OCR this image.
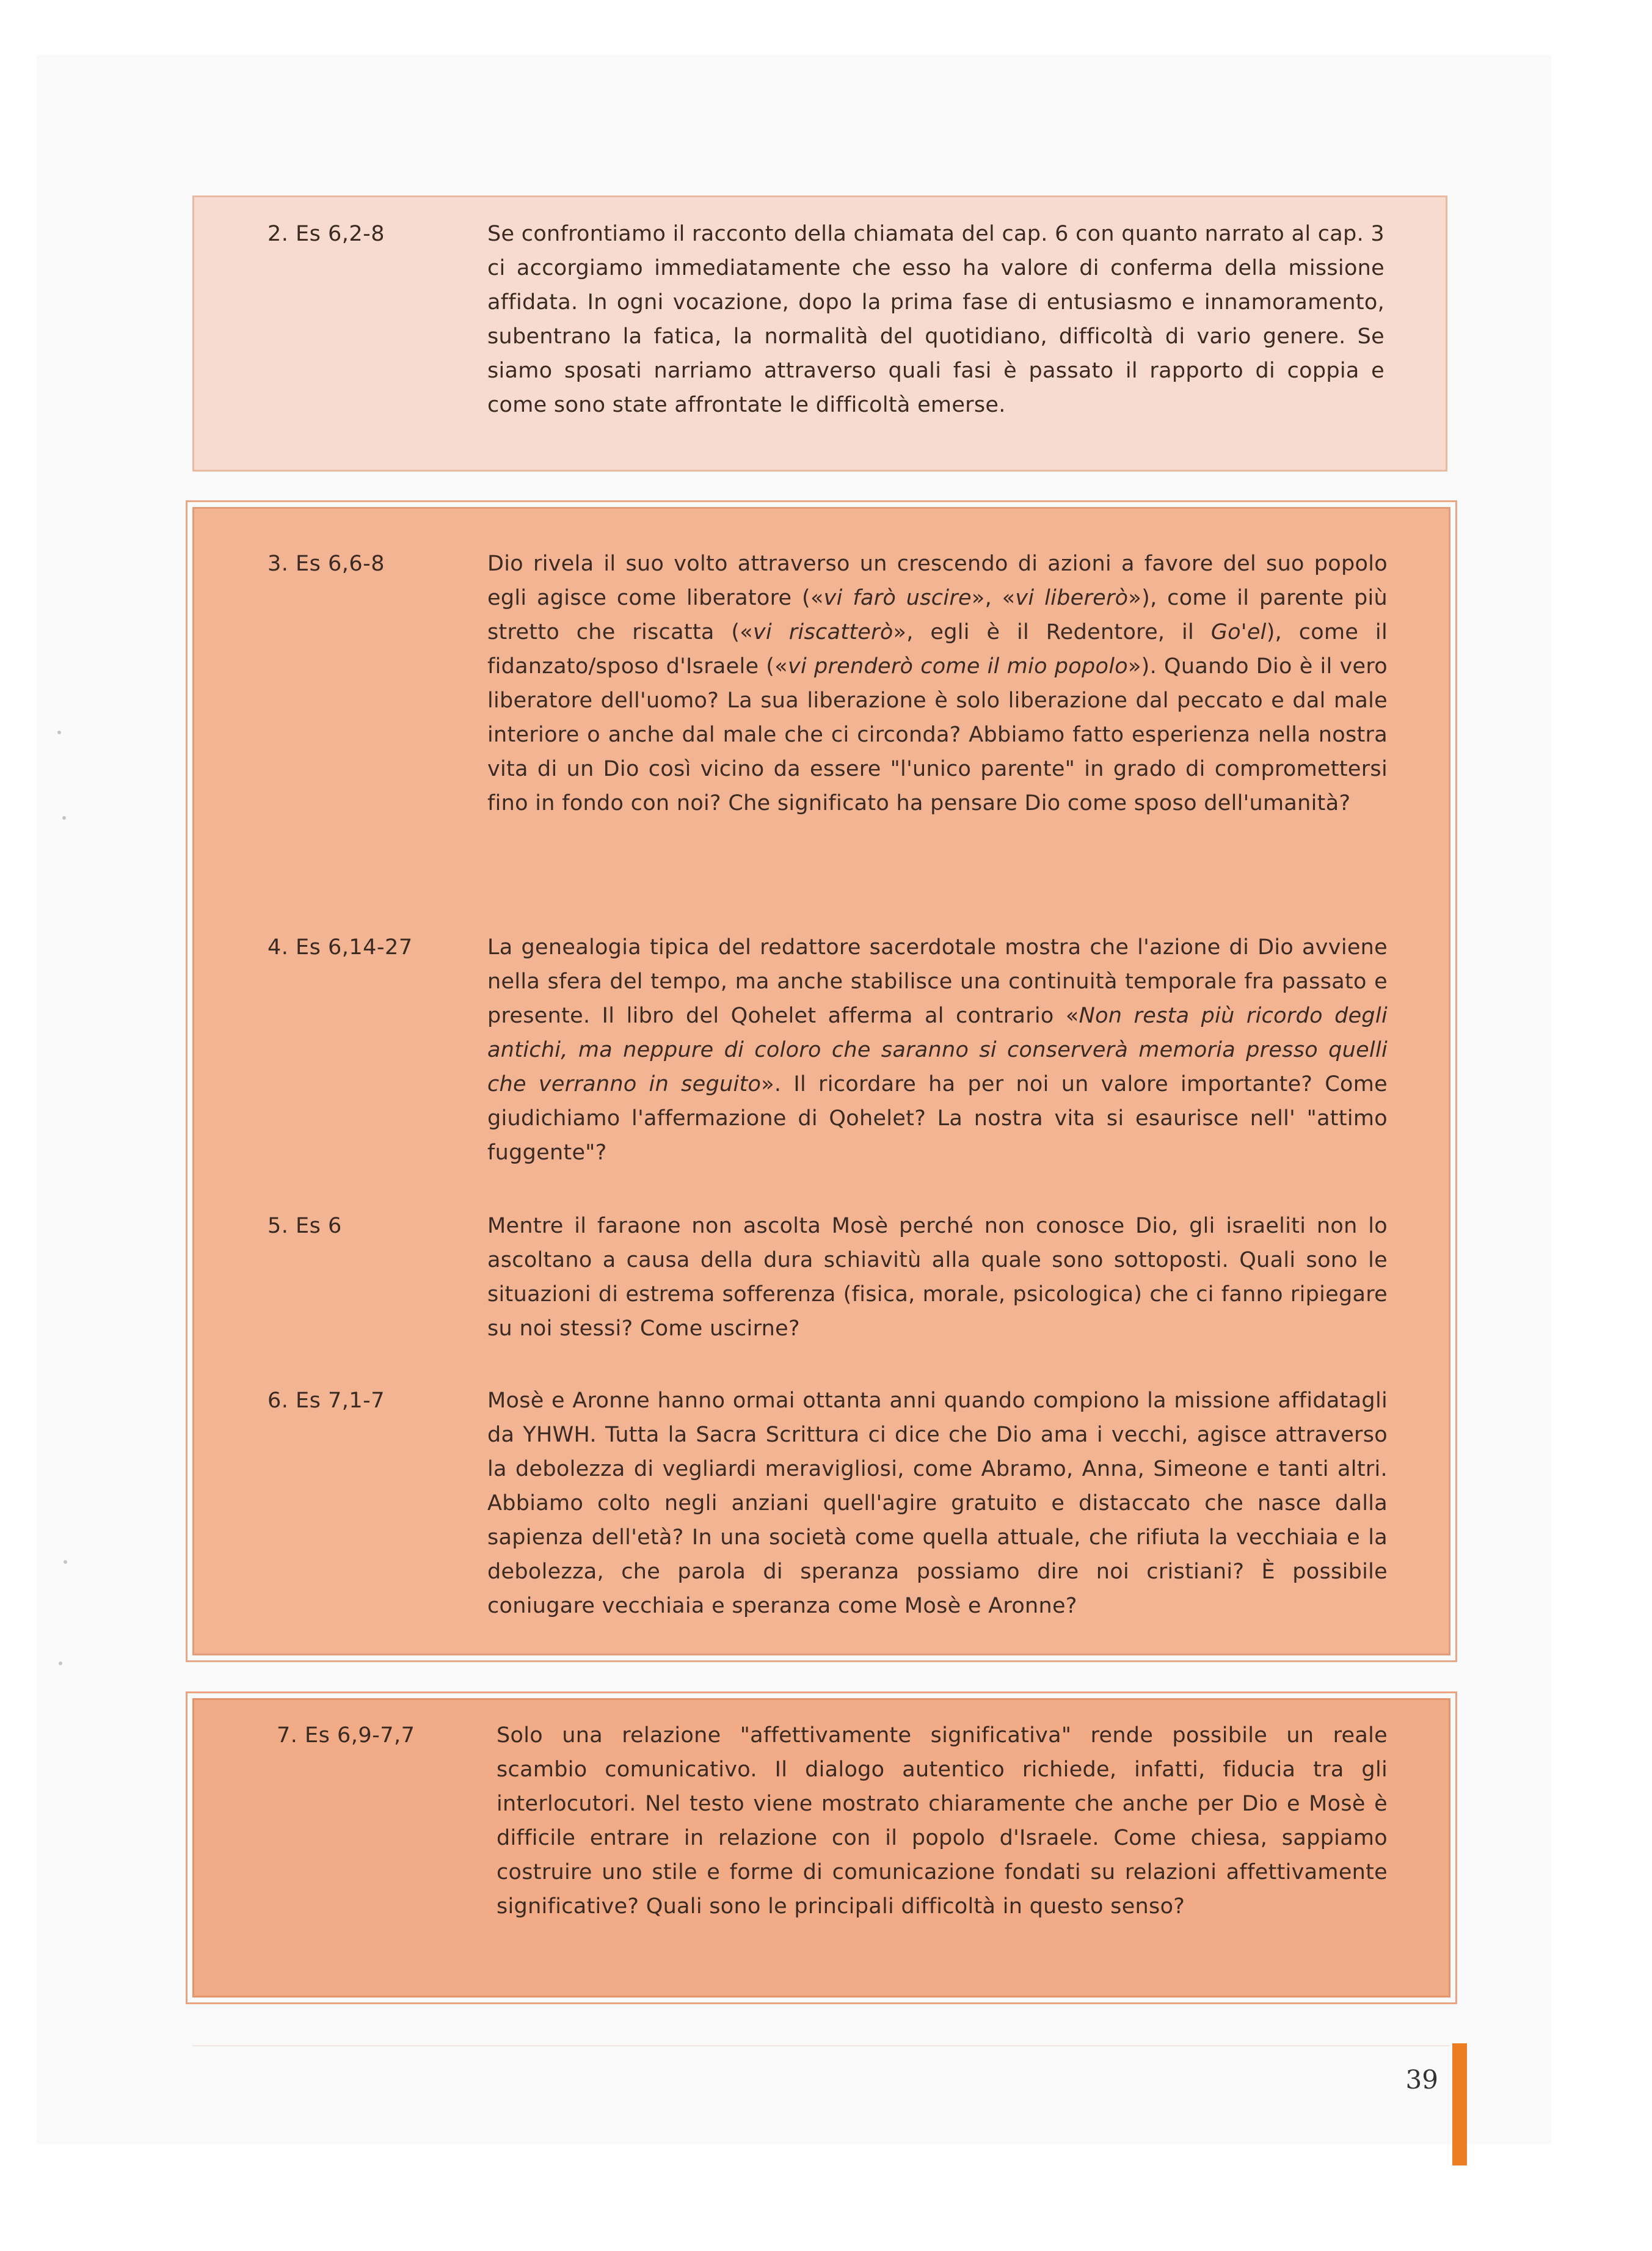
2. Es 6,2-8	Se confrontiamo il racconto della chiamata del cap. 6 con quanto narrato al cap. 3 ci accorgiamo immediatamente che esso ha valore di conferma della missione affidata. In ogni vocazione, dopo la prima fase di entusiasmo e innamoramento, subentrano la fatica, la normalità del quotidiano, difficoltà di vario genere. Se siamo sposati narriamo attraverso quali fasi è passato il rapporto di coppia e come sono state affrontate le difficoltà emerse.
3. Es 6,6-8	Dio rivela il suo volto attraverso un crescendo di azioni a favore del suo popolo egli agisce come liberatore («vi farò uscire», «vi libererò»), come il parente più stretto che riscatta («vi riscatterò», egli è il Redentore, il Go'el), come il fidanzato/sposo d'Israele («vi prenderò come il mio popolo»). Quando Dio è il vero liberatore dell'uomo? La sua liberazione è solo liberazione dal peccato e dal male interiore o anche dal male che ci circonda? Abbiamo fatto esperienza nella nostra vita di un Dio così vicino da essere "l'unico parente" in grado di compromettersi fino in fondo con noi? Che significato ha pensare Dio come sposo dell'umanità?
4. Es 6,14-27	La genealogia tipica del redattore sacerdotale mostra che l'azione di Dio avviene nella sfera del tempo, ma anche stabilisce una continuità temporale fra passato e presente. Il libro del Qohelet afferma al contrario «Non resta più ricordo degli antichi, ma neppure di coloro che saranno si conserverà memoria presso quelli che verranno in seguito». Il ricordare ha per noi un valore importante? Come giudichiamo l'affermazione di Qohelet? La nostra vita si esaurisce nell' "attimo fuggente"?
5. Es 6	Mentre il faraone non ascolta Mosè perché non conosce Dio, gli israeliti non lo ascoltano a causa della dura schiavitù alla quale sono sottoposti. Quali sono le situazioni di estrema sofferenza (fisica, morale, psicologica) che ci fanno ripiegare su noi stessi? Come uscirne?
6. Es 7,1-7	Mosè e Aronne hanno ormai ottanta anni quando compiono la missione affidatagli da YHWH. Tutta la Sacra Scrittura ci dice che Dio ama i vecchi, agisce attraverso la debolezza di vegliardi meravigliosi, come Abramo, Anna, Simeone e tanti altri. Abbiamo colto negli anziani quell'agire gratuito e distaccato che nasce dalla sapienza dell'età? In una società come quella attuale, che rifiuta la vecchiaia e la debolezza, che parola di speranza possiamo dire noi cristiani? È possibile coniugare vecchiaia e speranza come Mosè e Aronne?
7. Es 6,9-7,7	Solo una relazione "affettivamente significativa" rende possibile un reale scambio comunicativo. Il dialogo autentico richiede, infatti, fiducia tra gli interlocutori. Nel testo viene mostrato chiaramente che anche per Dio e Mosè è difficile entrare in relazione con il popolo d'Israele. Come chiesa, sappiamo costruire uno stile e forme di comunicazione fondati su relazioni affettivamente significative? Quali sono le principali difficoltà in questo senso?
39
